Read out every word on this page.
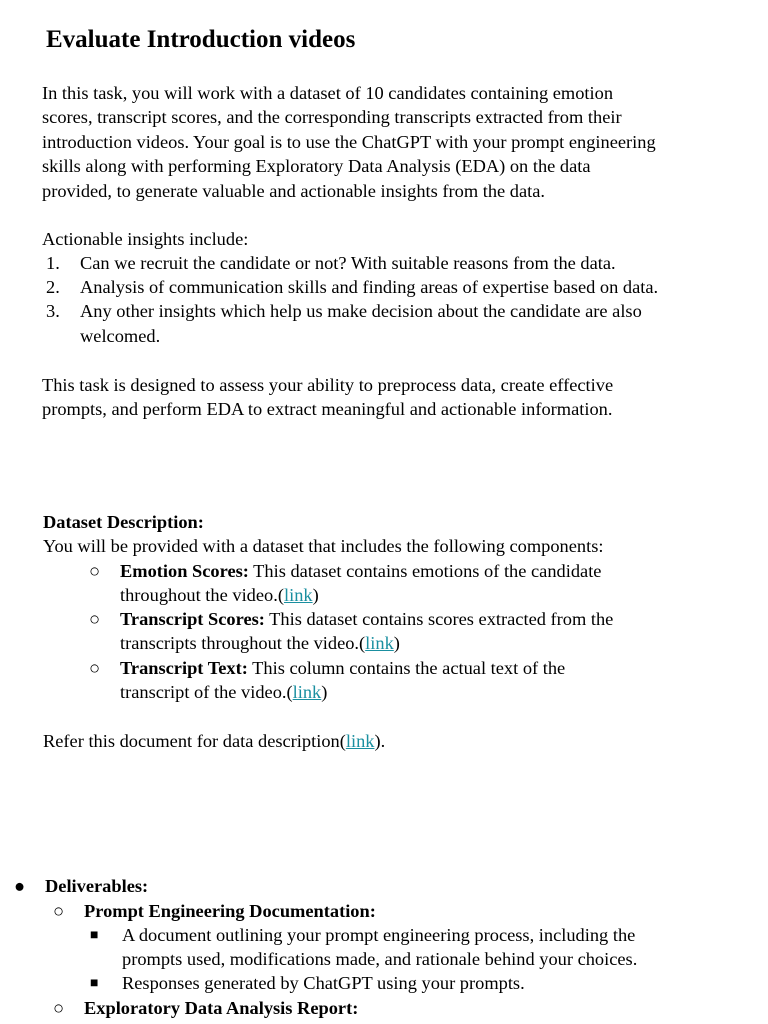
Evaluate Introduction videos
In this task, you will work with a dataset of 10 candidates containing emotion
scores, transcript scores, and the corresponding transcripts extracted from their
introduction videos. Your goal is to use the ChatGPT with your prompt engineering
skills along with performing Exploratory Data Analysis (EDA) on the data
provided, to generate valuable and actionable insights from the data.
Actionable insights include:
1. Can we recruit the candidate or not? With suitable reasons from the data.
2. Analysis of communication skills and finding areas of expertise based on data.
3. Any other insights which help us make decision about the candidate are also
welcomed.
This task is designed to assess your ability to preprocess data, create effective
prompts, and perform EDA to extract meaningful and actionable information.
Dataset Description:
You will be provided with a dataset that includes the following components:
○ Emotion Scores: This dataset contains emotions of the candidate
throughout the video.(link)
○ Transcript Scores: This dataset contains scores extracted from the
transcripts throughout the video.(link)
○ Transcript Text: This column contains the actual text of the
transcript of the video.(link)
Refer this document for data description(link).
● Deliverables:
○ Prompt Engineering Documentation:
■ A document outlining your prompt engineering process, including the
prompts used, modifications made, and rationale behind your choices.
■ Responses generated by ChatGPT using your prompts.
○ Exploratory Data Analysis Report:
